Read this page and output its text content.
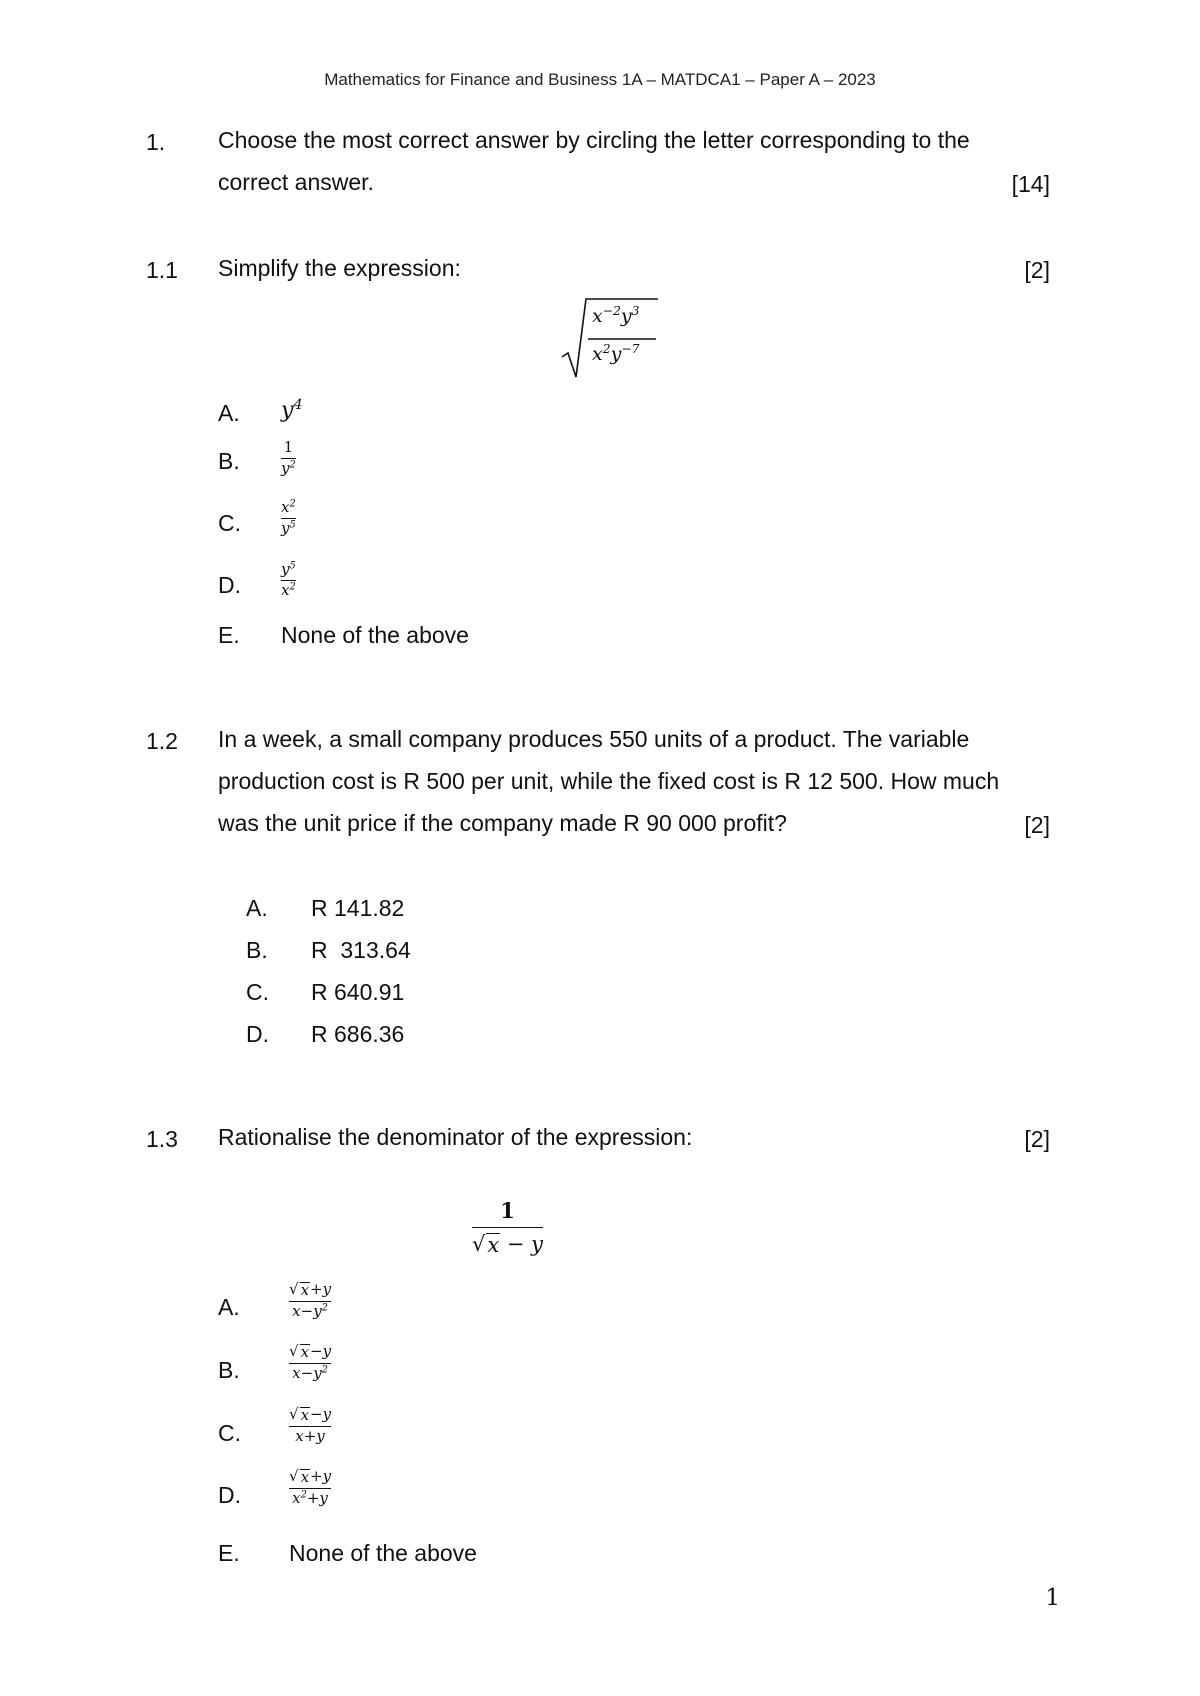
Mathematics for Finance and Business 1A – MATDCA1 – Paper A – 2023
1. Choose the most correct answer by circling the letter corresponding to the
correct answer.	[14]
1.1 Simplify the expression:	[2]
$x^{-2}y^3$
$x^2y^{-7}$
A. $y^4$
B.
1
$y^2$
C.
$x^2$
$y^5$
D.
$y^5$
$x^2$
E. None of the above
1.2 In a week, a small company produces 550 units of a product. The variable
production cost is R 500 per unit, while the fixed cost is R 12 500. How much
was the unit price if the company made R 90 000 profit?	[2]
A. R 141.82
B. R  313.64
C. R 640.91
D. R 686.36
1.3 Rationalise the denominator of the expression:	[2]
1
√ x − y
A.
√ x +y
$x-y^2$
B.
√ x −y
$x-y^2$
C.
√ x −y
x+y
D.
√ x +y
$x^2+y$
E. None of the above
1
